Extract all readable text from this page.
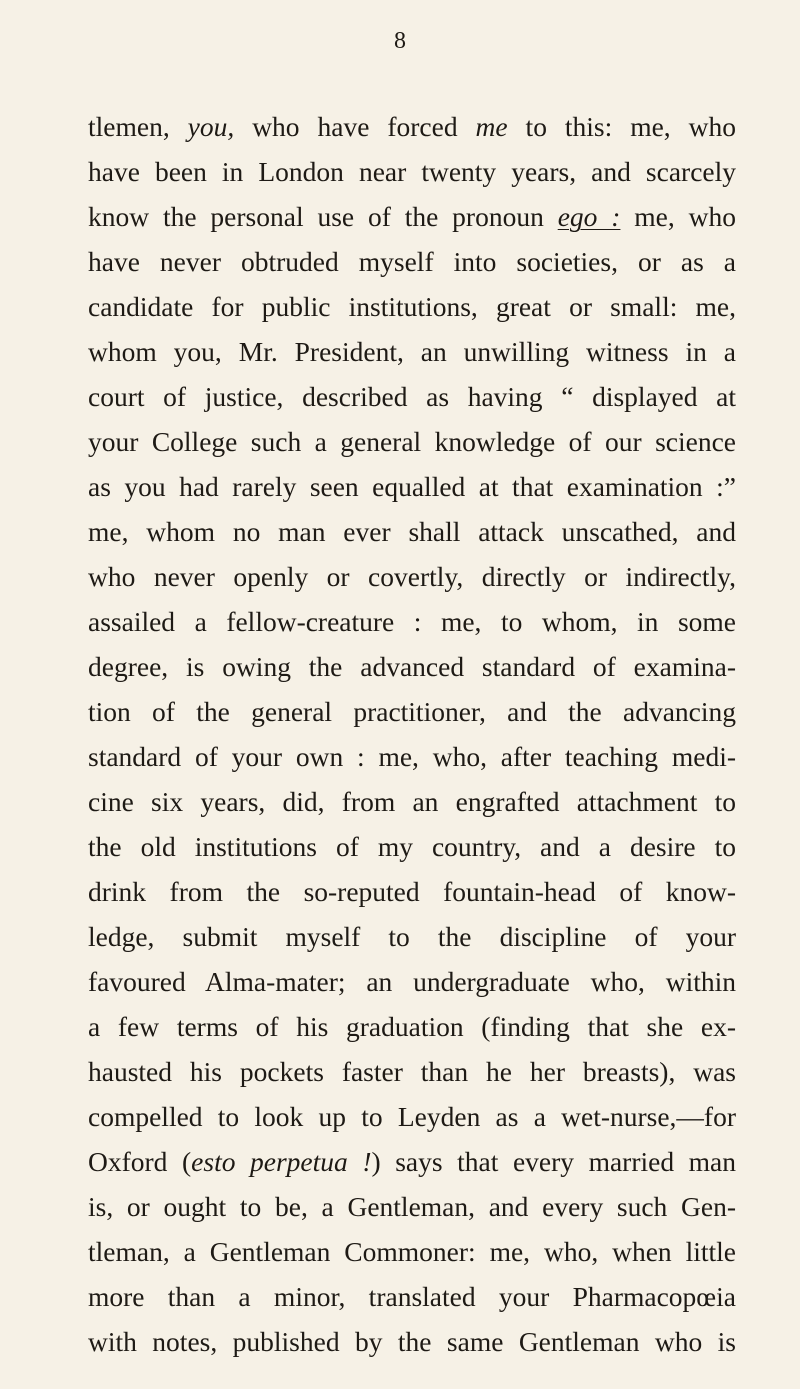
8
tlemen, you, who have forced me to this: me, who
have been in London near twenty years, and scarcely
know the personal use of the pronoun ego : me, who
have never obtruded myself into societies, or as a
candidate for public institutions, great or small: me,
whom you, Mr. President, an unwilling witness in a
court of justice, described as having “ displayed at
your College such a general knowledge of our science
as you had rarely seen equalled at that examination :”
me, whom no man ever shall attack unscathed, and
who never openly or covertly, directly or indirectly,
assailed a fellow-creature : me, to whom, in some
degree, is owing the advanced standard of examina-
tion of the general practitioner, and the advancing
standard of your own : me, who, after teaching medi-
cine six years, did, from an engrafted attachment to
the old institutions of my country, and a desire to
drink from the so-reputed fountain-head of know-
ledge, submit myself to the discipline of your
favoured Alma-mater; an undergraduate who, within
a few terms of his graduation (finding that she ex-
hausted his pockets faster than he her breasts), was
compelled to look up to Leyden as a wet-nurse,—for
Oxford (esto perpetua !) says that every married man
is, or ought to be, a Gentleman, and every such Gen-
tleman, a Gentleman Commoner: me, who, when little
more than a minor, translated your Pharmacopœia
with notes, published by the same Gentleman who is
